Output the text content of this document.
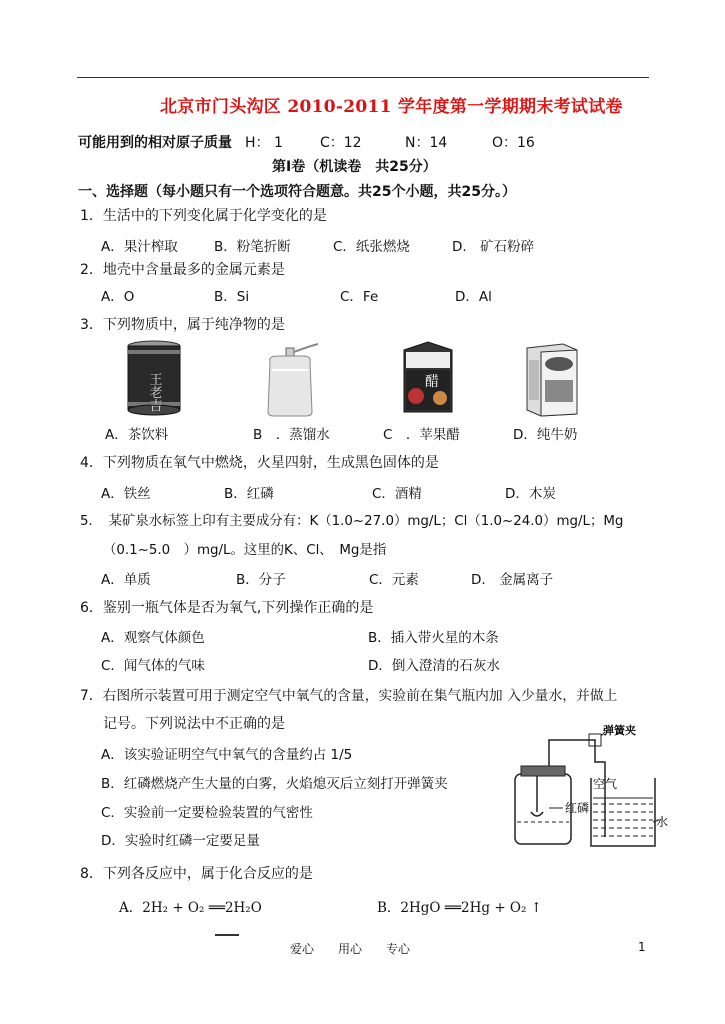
北京市门头沟区 2010-2011 学年度第一学期期末考试试卷
可能用到的相对原子质量 H： 1	C：12	N：14	O：16
第Ⅰ卷（机读卷　共25分）
一、选择题（每小题只有一个选项符合题意。共25个小题，共25分。）
1．生活中的下列变化属于化学变化的是
A．果汁榨取	B．粉笔折断	C．纸张燃烧	D.　矿石粉碎
2．地壳中含量最多的金属元素是
A．O	B．Si	C．Fe	D．Al
3．下列物质中，属于纯净物的是
王老吉	醋
A．茶饮料	B　．蒸馏水	C　．苹果醋	D．纯牛奶
4．下列物质在氧气中燃烧，火星四射，生成黑色固体的是
A．铁丝	B．红磷	C．酒精	D．木炭
5．　某矿泉水标签上印有主要成分有：K（1.0~27.0）mg/L；Cl（1.0~24.0）mg/L；Mg
（0.1~5.0　）mg/L。这里的K、Cl、　Mg是指
A．单质	B．分子	C．元素	D.　金属离子
6．鉴别一瓶气体是否为氧气,下列操作正确的是
A．观察气体颜色	B．插入带火星的木条
C．闻气体的气味	D．倒入澄清的石灰水
7．右图所示装置可用于测定空气中氧气的含量，实验前在集气瓶内加 入少量水，并做上
记号。下列说法中不正确的是
A．该实验证明空气中氧气的含量约占 1/5
B．红磷燃烧产生大量的白雾，火焰熄灭后立刻打开弹簧夹
C．实验前一定要检验装置的气密性
D．实验时红磷一定要足量
弹簧夹
空气
红磷
水
8．下列各反应中，属于化合反应的是
A．2H₂ + O₂ ══2H₂O	B．2HgO ══2Hg + O₂ ↑
爱心　　用心　　专心	1
